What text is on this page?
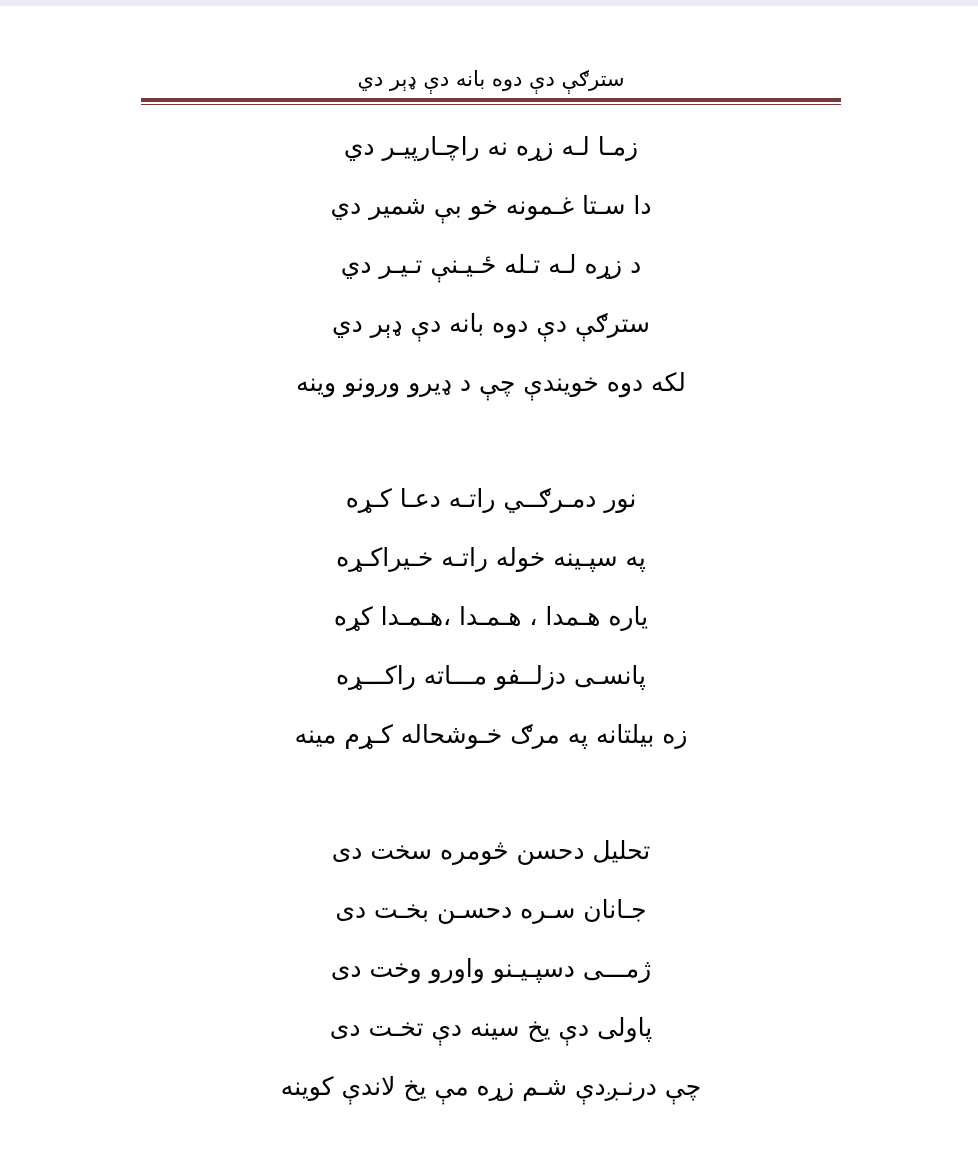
سترګې دې دوه بانه دې ډېر دي
زمـا لـه زړه نه راچـارپيـر دي
دا سـتا غـمونه خو بې شمير دي
د زړه لـه تـله ځـيـنې تـيـر دي
سترګې دې دوه بانه دې ډېر دي
لکه دوه خويندې چې د ډيرو ورونو وينه
نور دمـرګــي راتـه دعـا کـړه
په سپـينه خوله راتـه خـيراکـړه
ياره هـمدا ، هـمـدا ،هـمـدا کړه
پانسـی دزلــفو مـــاته راکـــړه
زه بيلتانه په مرګ خـوشحاله کـړم مينه
تحليل دحسن څومره سخت دی
جـانان سـره دحسـن بخـت دی
ژمـــی دسپـيـنو واورو وخت دی
پاولی دې يخ سينه دې تخـت دی
چې درنـږدې شـم زړه مې يخ لاندې کوينه
